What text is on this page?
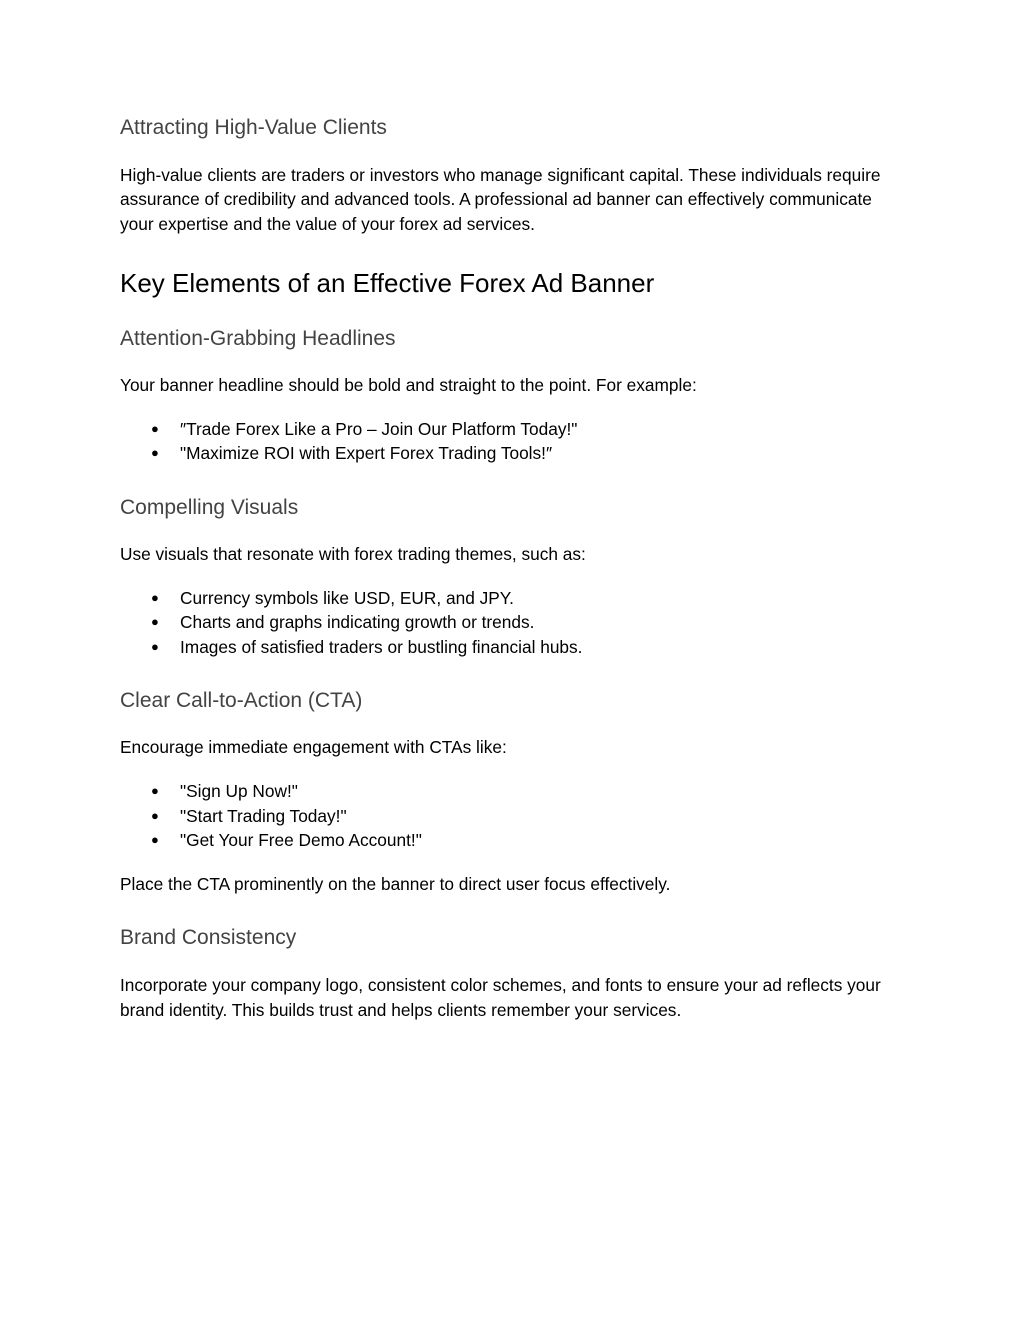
Attracting High-Value Clients

High-value clients are traders or investors who manage significant capital. These individuals require assurance of credibility and advanced tools. A professional ad banner can effectively communicate your expertise and the value of your forex ad services.

Key Elements of an Effective Forex Ad Banner
Attention-Grabbing Headlines

Your banner headline should be bold and straight to the point. For example:

● ″Trade Forex Like a Pro – Join Our Platform Today!"
● "Maximize ROI with Expert Forex Trading Tools!″
Compelling Visuals

Use visuals that resonate with forex trading themes, such as:

● Currency symbols like USD, EUR, and JPY.
● Charts and graphs indicating growth or trends.
● Images of satisfied traders or bustling financial hubs.
Clear Call-to-Action (CTA)

Encourage immediate engagement with CTAs like:

● "Sign Up Now!"
● "Start Trading Today!"
● "Get Your Free Demo Account!"

Place the CTA prominently on the banner to direct user focus effectively.

Brand Consistency

Incorporate your company logo, consistent color schemes, and fonts to ensure your ad reflects your brand identity. This builds trust and helps clients remember your services.
